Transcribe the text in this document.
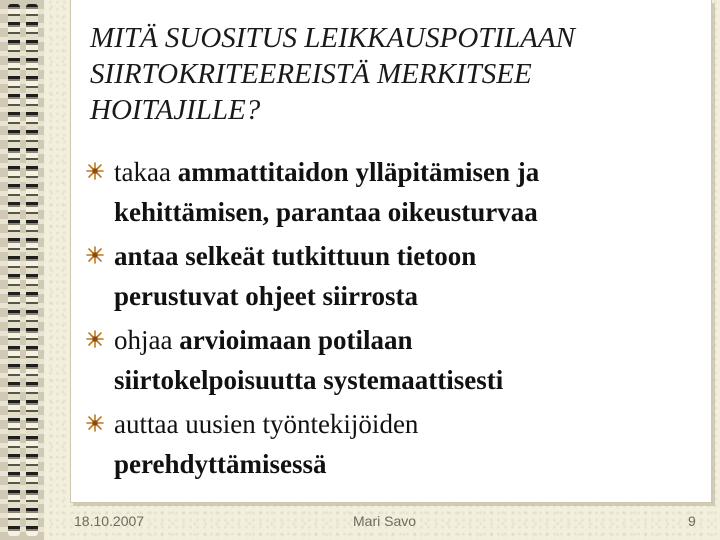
MITÄ SUOSITUS LEIKKAUSPOTILAAN
SIIRTOKRITEEREISTÄ MERKITSEE
HOITAJILLE?
takaa ammattitaidon ylläpitämisen ja
kehittämisen, parantaa oikeusturvaa
antaa selkeät tutkittuun tietoon
perustuvat ohjeet siirrosta
ohjaa arvioimaan potilaan
siirtokelpoisuutta systemaattisesti
auttaa uusien työntekijöiden
perehdyttämisessä
18.10.2007	Mari Savo	9
